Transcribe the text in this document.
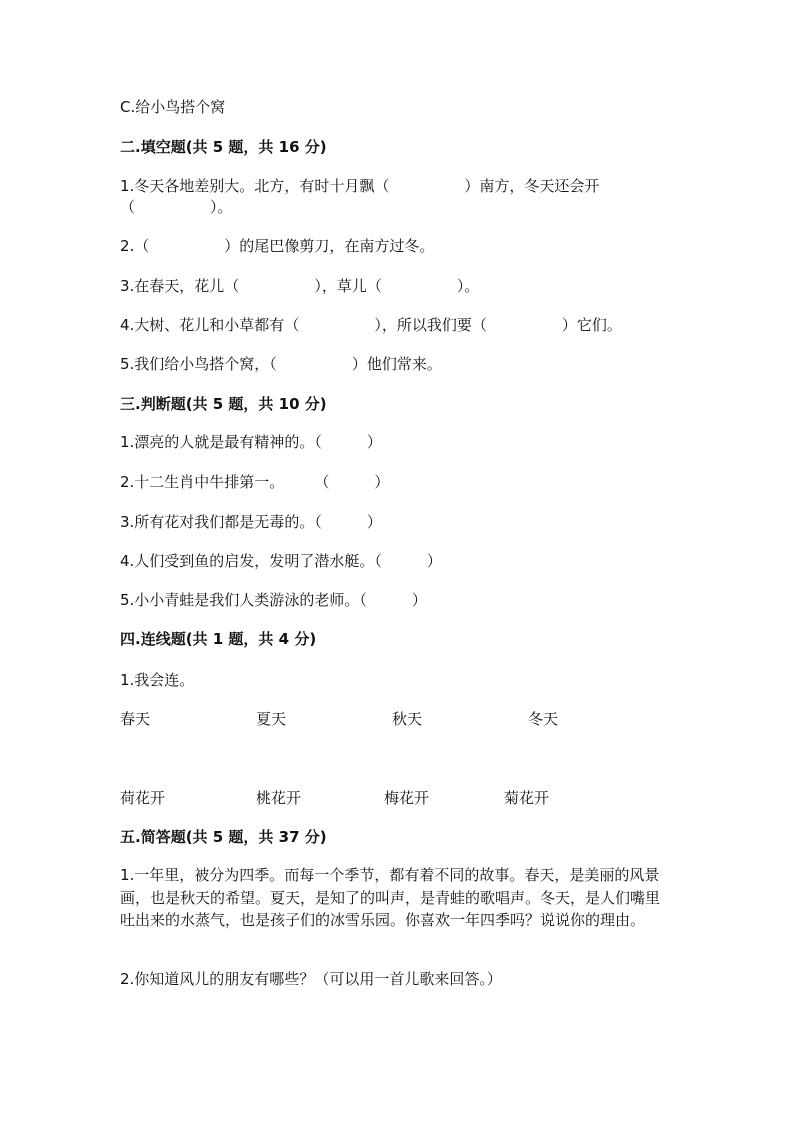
C.给小鸟搭个窝
二.填空题(共 5 题，共 16 分)
1.冬天各地差别大。北方，有时十月飘（　　　　　）南方，冬天还会开
（　　　　　）。
2.（　　　　　）的尾巴像剪刀，在南方过冬。
3.在春天，花儿（　　　　　），草儿（　　　　　）。
4.大树、花儿和小草都有（　　　　　），所以我们要（　　　　　）它们。
5.我们给小鸟搭个窝，（　　　　　）他们常来。
三.判断题(共 5 题，共 10 分)
1.漂亮的人就是最有精神的。（　　　）
2.十二生肖中牛排第一。　　　（　　　）
3.所有花对我们都是无毒的。（　　　）
4.人们受到鱼的启发，发明了潜水艇。（　　　）
5.小小青蛙是我们人类游泳的老师。（　　　）
四.连线题(共 1 题，共 4 分)
1.我会连。
春天	夏天	秋天	冬天
荷花开	桃花开	梅花开	菊花开
五.简答题(共 5 题，共 37 分)
1.一年里，被分为四季。而每一个季节，都有着不同的故事。春天，是美丽的风景画，也是秋天的希望。夏天，是知了的叫声，是青蛙的歌唱声。冬天，是人们嘴里吐出来的水蒸气，也是孩子们的冰雪乐园。你喜欢一年四季吗？说说你的理由。
2.你知道风儿的朋友有哪些？（可以用一首儿歌来回答。）
